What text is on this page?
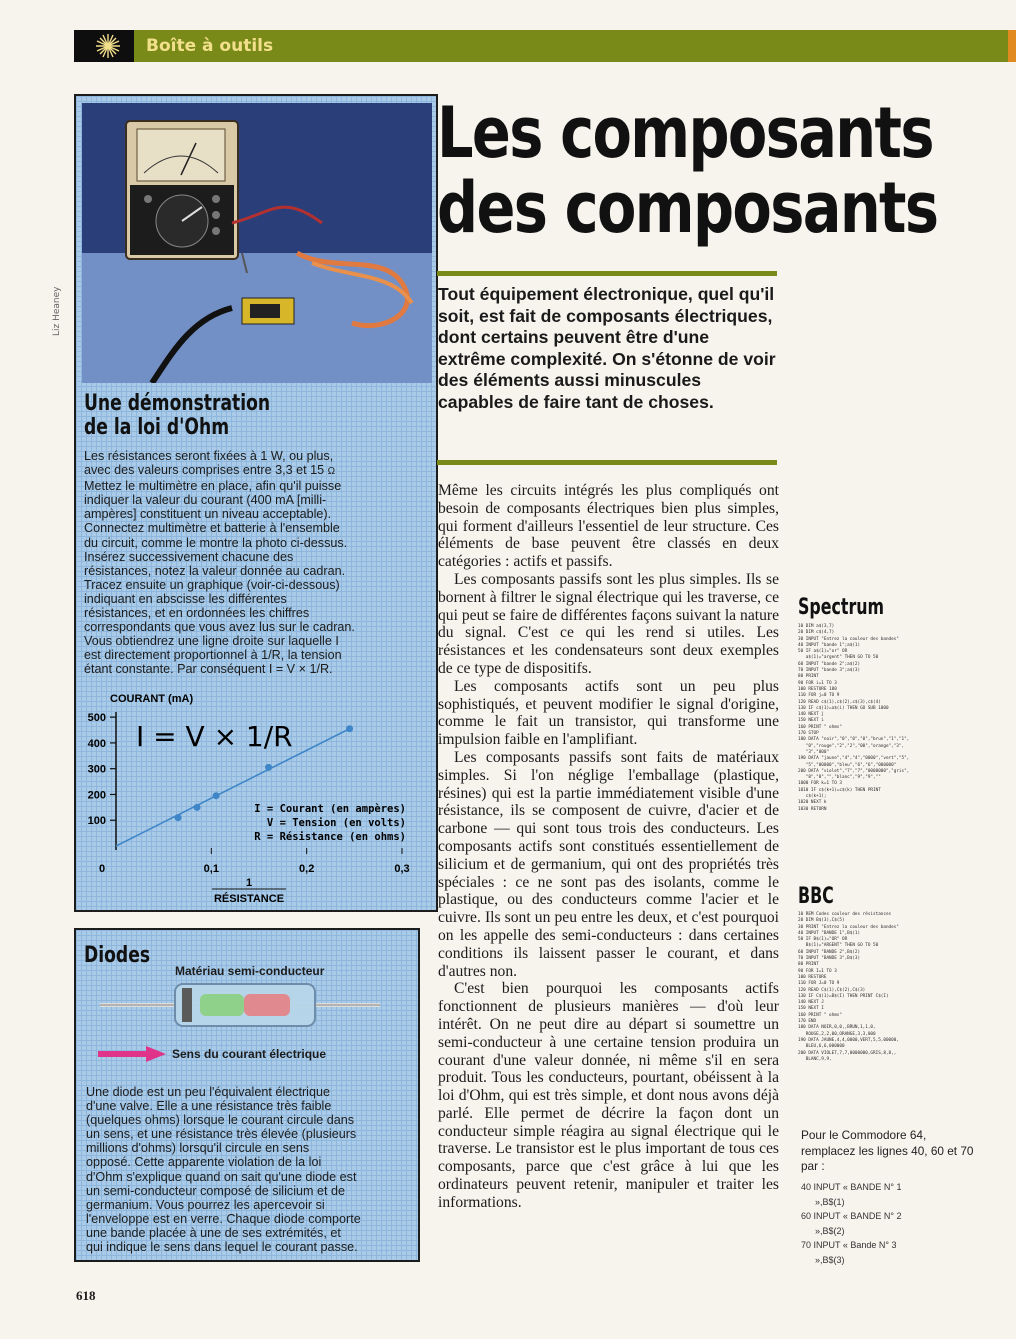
Boîte à outils
Liz Heaney
Une démonstration
de la loi d'Ohm
Les résistances seront fixées à 1 W, ou plus,
avec des valeurs comprises entre 3,3 et 15 Ω
Mettez le multimètre en place, afin qu'il puisse
indiquer la valeur du courant (400 mA [milli-
ampères] constituent un niveau acceptable).
Connectez multimètre et batterie à l'ensemble
du circuit, comme le montre la photo ci-dessus.
Insérez successivement chacune des
résistances, notez la valeur donnée au cadran.
Tracez ensuite un graphique (voir-ci-dessous)
indiquant en abscisse les différentes
résistances, et en ordonnées les chiffres
correspondants que vous avez lus sur le cadran.
Vous obtiendrez une ligne droite sur laquelle I
est directement proportionnel à 1/R, la tension
étant constante. Par conséquent I = V × 1/R.
COURANT (mA)
500
400
300
200
100
0	0,1	0,2	0,3
I = V × 1/R
I = Courant (en ampères)
V = Tension (en volts)
R = Résistance (en ohms)
1
RÉSISTANCE
Diodes
Matériau semi-conducteur
Sens du courant électrique
Une diode est un peu l'équivalent électrique
d'une valve. Elle a une résistance très faible
(quelques ohms) lorsque le courant circule dans
un sens, et une résistance très élevée (plusieurs
millions d'ohms) lorsqu'il circule en sens
opposé. Cette apparente violation de la loi
d'Ohm s'explique quand on sait qu'une diode est
un semi-conducteur composé de silicium et de
germanium. Vous pourrez les apercevoir si
l'enveloppe est en verre. Chaque diode comporte
une bande placée à une de ses extrémités, et
qui indique le sens dans lequel le courant passe.
Les composants
des composants
Tout équipement électronique, quel qu'il soit, est fait de composants électriques, dont certains peuvent être d'une extrême complexité. On s'étonne de voir des éléments aussi minuscules capables de faire tant de choses.

Même les circuits intégrés les plus compliqués ont besoin de composants électriques bien plus simples, qui forment d'ailleurs l'essentiel de leur structure. Ces éléments de base peuvent être classés en deux catégories : actifs et passifs.

Les composants passifs sont les plus simples. Ils se bornent à filtrer le signal électrique qui les traverse, ce qui peut se faire de différentes façons suivant la nature du signal. C'est ce qui les rend si utiles. Les résistances et les condensateurs sont deux exemples de ce type de dispositifs.

Les composants actifs sont un peu plus sophistiqués, et peuvent modifier le signal d'origine, comme le fait un transistor, qui transforme une impulsion faible en l'amplifiant.

Les composants passifs sont faits de matériaux simples. Si l'on néglige l'emballage (plastique, résines) qui est la partie immédiatement visible d'une résistance, ils se composent de cuivre, d'acier et de carbone — qui sont tous trois des conducteurs. Les composants actifs sont constitués essentiellement de silicium et de germanium, qui ont des propriétés très spéciales : ce ne sont pas des isolants, comme le plastique, ou des conducteurs comme l'acier et le cuivre. Ils sont un peu entre les deux, et c'est pourquoi on les appelle des semi-conducteurs : dans certaines conditions ils laissent passer le courant, et dans d'autres non.

C'est bien pourquoi les composants actifs fonctionnent de plusieurs manières — d'où leur intérêt. On ne peut dire au départ si soumettre un semi-conducteur à une certaine tension produira un courant d'une valeur donnée, ni même s'il en sera produit. Tous les conducteurs, pourtant, obéissent à la loi d'Ohm, qui est très simple, et dont nous avons déjà parlé. Elle permet de décrire la façon dont un conducteur simple réagira au signal électrique qui le traverse. Le transistor est le plus important de tous ces composants, parce que c'est grâce à lui que les ordinateurs peuvent retenir, manipuler et traiter les informations.

Spectrum
10 DIM a$(3,7)
20 DIM c$(4,7)
30 INPUT "Entrez la couleur des bandes"
40 INPUT "bande 1";a$(1)
50 IF a$(1)="or" OR
a$(1)="argent" THEN GO TO 50
60 INPUT "bande 2";a$(2)
70 INPUT "bande 3";a$(3)
80 PRINT
90 FOR i=1 TO 3
100 RESTORE 180
110 FOR j=0 TO 9
120 READ c$(1),c$(2),c$(3),c$(4)
130 IF c$(1)=a$(i) THEN GO SUB 1000
140 NEXT j
150 NEXT i
160 PRINT " ohms"
170 STOP
180 DATA "noir","0","0","0","brun","1","1",
"0","rouge","2","2","00","orange","3",
"3","000"
190 DATA "jaune","4","4","0000","vert","5",
"5","00000","bleu","6","6","000000"
200 DATA "violet","7","7","0000000","gris",
"8","8","","blanc","9","9",""
1000 FOR k=1 TO 3
1010 IF c$(k+1)=c$(k) THEN PRINT
c$(k+1);
1020 NEXT k
1030 RETURN
BBC
10 REM Codes couleur des résistances
20 DIM B$(3),C$(5)
30 PRINT "Entrez la couleur des bandes"
40 INPUT "BANDE 1",B$(1)
50 IF B$(1)="OR" OR
B$(1)="ARGENT" THEN GO TO 50
60 INPUT "BANDE 2",B$(2)
70 INPUT "BANDE 3",B$(3)
80 PRINT
90 FOR I=1 TO 3
100 RESTORE
110 FOR J=0 TO 9
120 READ C$(1),C$(2),C$(3)
130 IF C$(1)=B$(I) THEN PRINT C$(I)
140 NEXT J
150 NEXT I
160 PRINT " ohms"
170 END
180 DATA NOIR,0,0,,BRUN,1,1,0,
ROUGE,2,2,00,ORANGE,3,3,000
190 DATA JAUNE,4,4,0000,VERT,5,5,00000,
BLEU,6,6,000000
200 DATA VIOLET,7,7,0000000,GRIS,8,8,,
BLANC,9,9,
Pour le Commodore 64, remplacez les lignes 40, 60 et 70 par :
40 INPUT « BANDE N° 1
»,B$(1)
60 INPUT « BANDE N° 2
»,B$(2)
70 INPUT « Bande N° 3
»,B$(3)
618
